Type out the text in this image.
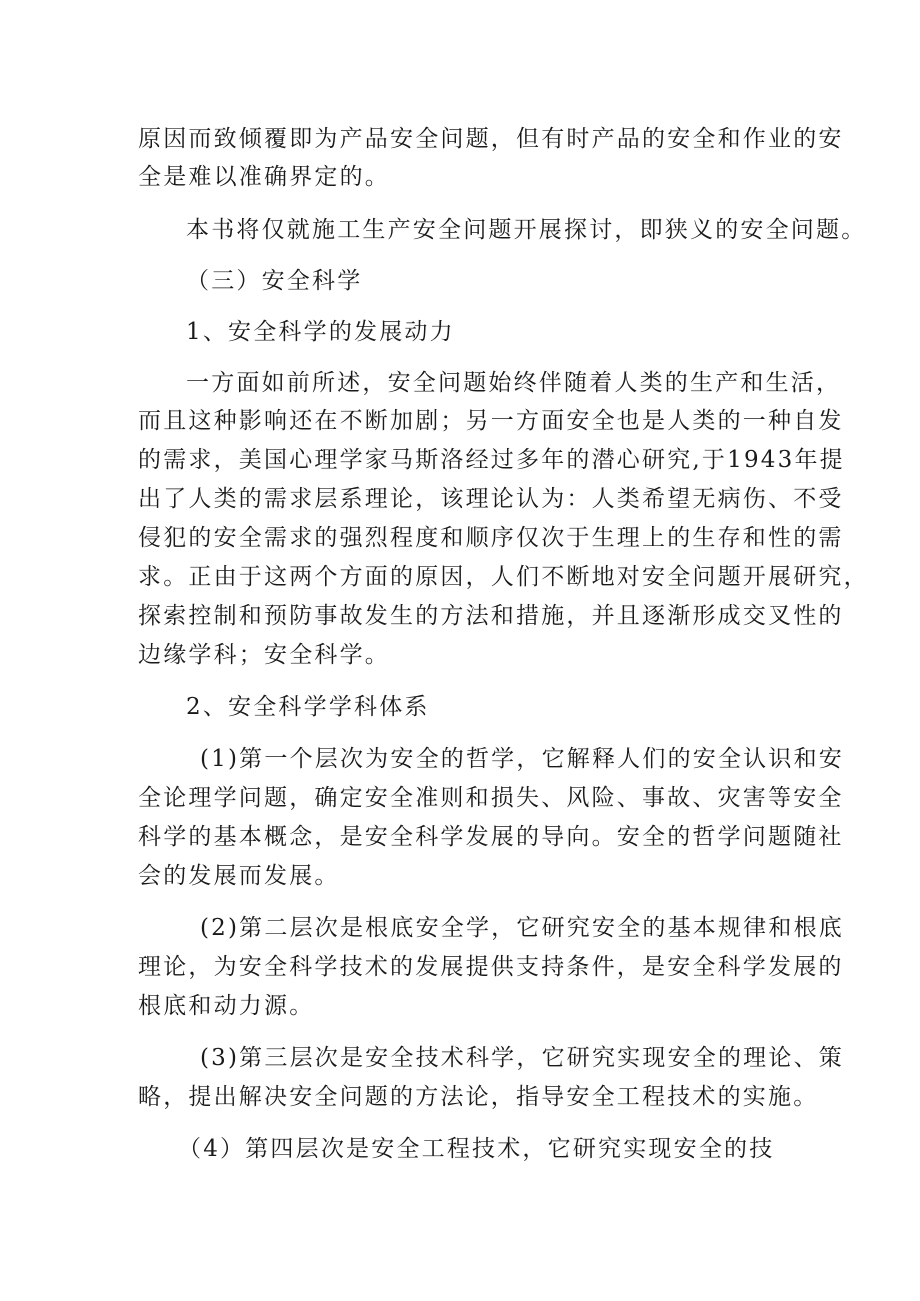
原因而致倾覆即为产品安全问题，但有时产品的安全和作业的安
全是难以准确界定的。
本书将仅就施工生产安全问题开展探讨，即狭义的安全问题。
（三）安全科学
1、安全科学的发展动力
一方面如前所述，安全问题始终伴随着人类的生产和生活，
而且这种影响还在不断加剧；另一方面安全也是人类的一种自发
的需求，美国心理学家马斯洛经过多年的潜心研究,于1943年提
出了人类的需求层系理论，该理论认为：人类希望无病伤、不受
侵犯的安全需求的强烈程度和顺序仅次于生理上的生存和性的需
求。正由于这两个方面的原因，人们不断地对安全问题开展研究，
探索控制和预防事故发生的方法和措施，并且逐渐形成交叉性的
边缘学科；安全科学。
2、安全科学学科体系
(1)第一个层次为安全的哲学，它解释人们的安全认识和安
全论理学问题，确定安全准则和损失、风险、事故、灾害等安全
科学的基本概念，是安全科学发展的导向。安全的哲学问题随社
会的发展而发展。
(2)第二层次是根底安全学，它研究安全的基本规律和根底
理论，为安全科学技术的发展提供支持条件，是安全科学发展的
根底和动力源。
(3)第三层次是安全技术科学，它研究实现安全的理论、策
略，提出解决安全问题的方法论，指导安全工程技术的实施。
（4）第四层次是安全工程技术，它研究实现安全的技
